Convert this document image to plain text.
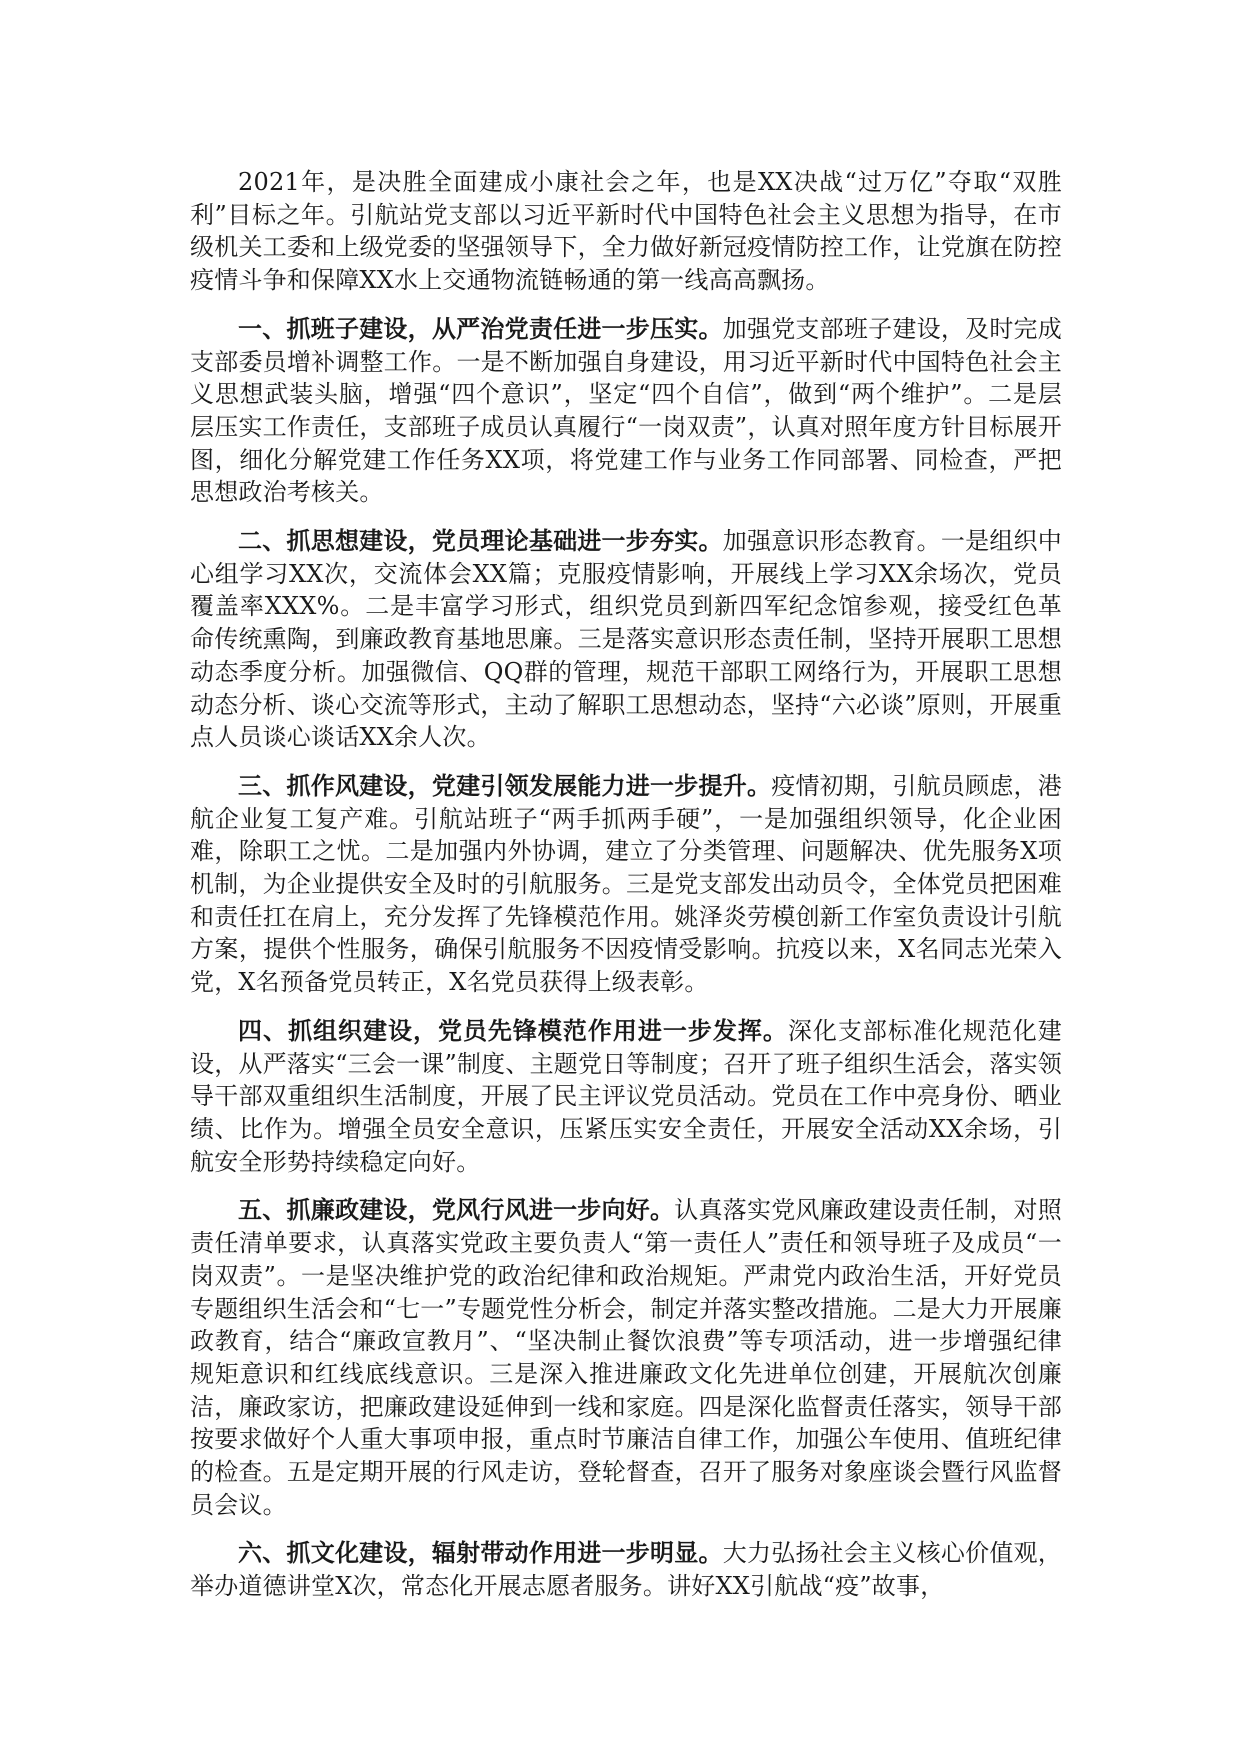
2021年，是决胜全面建成小康社会之年，也是XX决战“过万亿”夺取“双胜利”目标之年。引航站党支部以习近平新时代中国特色社会主义思想为指导，在市级机关工委和上级党委的坚强领导下，全力做好新冠疫情防控工作，让党旗在防控疫情斗争和保障XX水上交通物流链畅通的第一线高高飘扬。

一、抓班子建设，从严治党责任进一步压实。加强党支部班子建设，及时完成支部委员增补调整工作。一是不断加强自身建设，用习近平新时代中国特色社会主义思想武装头脑，增强“四个意识”，坚定“四个自信”，做到“两个维护”。二是层层压实工作责任，支部班子成员认真履行“一岗双责”，认真对照年度方针目标展开图，细化分解党建工作任务XX项，将党建工作与业务工作同部署、同检查，严把思想政治考核关。

二、抓思想建设，党员理论基础进一步夯实。加强意识形态教育。一是组织中心组学习XX次，交流体会XX篇；克服疫情影响，开展线上学习XX余场次，党员覆盖率XXX%。二是丰富学习形式，组织党员到新四军纪念馆参观，接受红色革命传统熏陶，到廉政教育基地思廉。三是落实意识形态责任制，坚持开展职工思想动态季度分析。加强微信、QQ群的管理，规范干部职工网络行为，开展职工思想动态分析、谈心交流等形式，主动了解职工思想动态，坚持“六必谈”原则，开展重点人员谈心谈话XX余人次。

三、抓作风建设，党建引领发展能力进一步提升。疫情初期，引航员顾虑，港航企业复工复产难。引航站班子“两手抓两手硬”，一是加强组织领导，化企业困难，除职工之忧。二是加强内外协调，建立了分类管理、问题解决、优先服务X项机制，为企业提供安全及时的引航服务。三是党支部发出动员令，全体党员把困难和责任扛在肩上，充分发挥了先锋模范作用。姚泽炎劳模创新工作室负责设计引航方案，提供个性服务，确保引航服务不因疫情受影响。抗疫以来，X名同志光荣入党，X名预备党员转正，X名党员获得上级表彰。

四、抓组织建设，党员先锋模范作用进一步发挥。深化支部标准化规范化建设，从严落实“三会一课”制度、主题党日等制度；召开了班子组织生活会，落实领导干部双重组织生活制度，开展了民主评议党员活动。党员在工作中亮身份、晒业绩、比作为。增强全员安全意识，压紧压实安全责任，开展安全活动XX余场，引航安全形势持续稳定向好。

五、抓廉政建设，党风行风进一步向好。认真落实党风廉政建设责任制，对照责任清单要求，认真落实党政主要负责人“第一责任人”责任和领导班子及成员“一岗双责”。一是坚决维护党的政治纪律和政治规矩。严肃党内政治生活，开好党员专题组织生活会和“七一”专题党性分析会，制定并落实整改措施。二是大力开展廉政教育，结合“廉政宣教月”、“坚决制止餐饮浪费”等专项活动，进一步增强纪律规矩意识和红线底线意识。三是深入推进廉政文化先进单位创建，开展航次创廉洁，廉政家访，把廉政建设延伸到一线和家庭。四是深化监督责任落实，领导干部按要求做好个人重大事项申报，重点时节廉洁自律工作，加强公车使用、值班纪律的检查。五是定期开展的行风走访，登轮督查，召开了服务对象座谈会暨行风监督员会议。

六、抓文化建设，辐射带动作用进一步明显。大力弘扬社会主义核心价值观，举办道德讲堂X次，常态化开展志愿者服务。讲好XX引航战“疫”故事，
